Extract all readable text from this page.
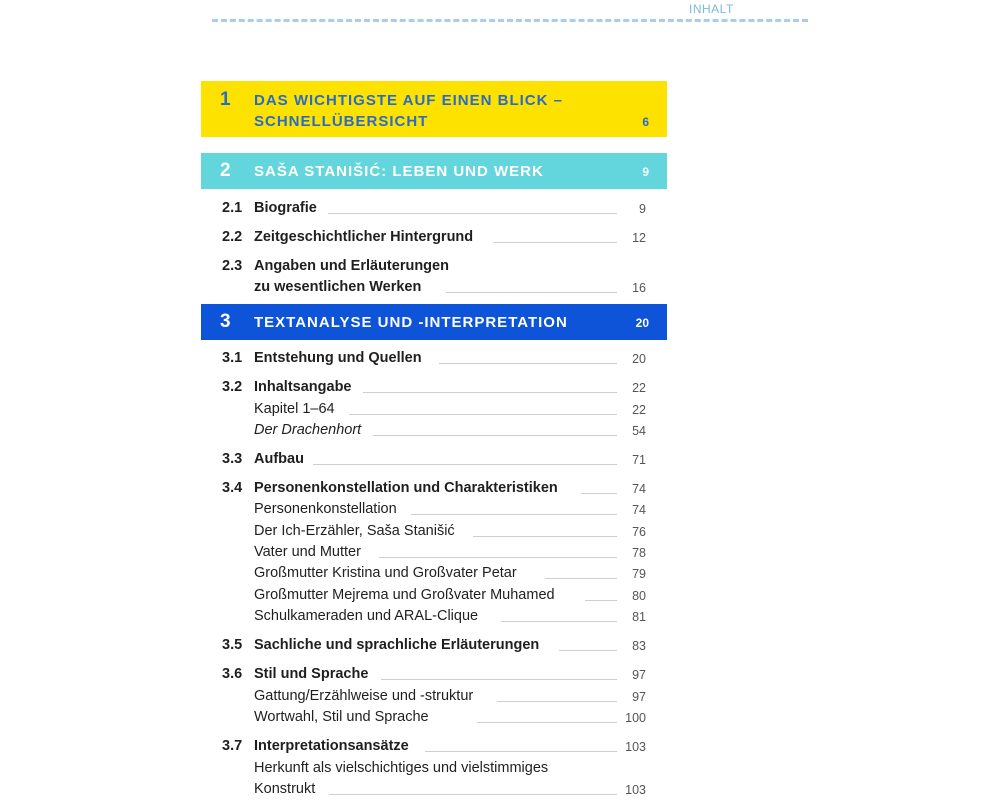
INHALT
1 DAS WICHTIGSTE AUF EINEN BLICK –
SCHNELLÜBERSICHT	6
2 SAŠA STANIŠIĆ: LEBEN UND WERK	9
2.1 Biografie	9
2.2 Zeitgeschichtlicher Hintergrund	12
2.3 Angaben und Erläuterungen
zu wesentlichen Werken	16
3 TEXTANALYSE UND -INTERPRETATION	20
3.1 Entstehung und Quellen	20
3.2 Inhaltsangabe	22
Kapitel 1–64	22
Der Drachenhort	54
3.3 Aufbau	71
3.4 Personenkonstellation und Charakteristiken	74
Personenkonstellation	74
Der Ich-Erzähler, Saša Stanišić	76
Vater und Mutter	78
Großmutter Kristina und Großvater Petar	79
Großmutter Mejrema und Großvater Muhamed	80
Schulkameraden und ARAL-Clique	81
3.5 Sachliche und sprachliche Erläuterungen	83
3.6 Stil und Sprache	97
Gattung/Erzählweise und -struktur	97
Wortwahl, Stil und Sprache	100
3.7 Interpretationsansätze	103
Herkunft als vielschichtiges und vielstimmiges
Konstrukt	103
